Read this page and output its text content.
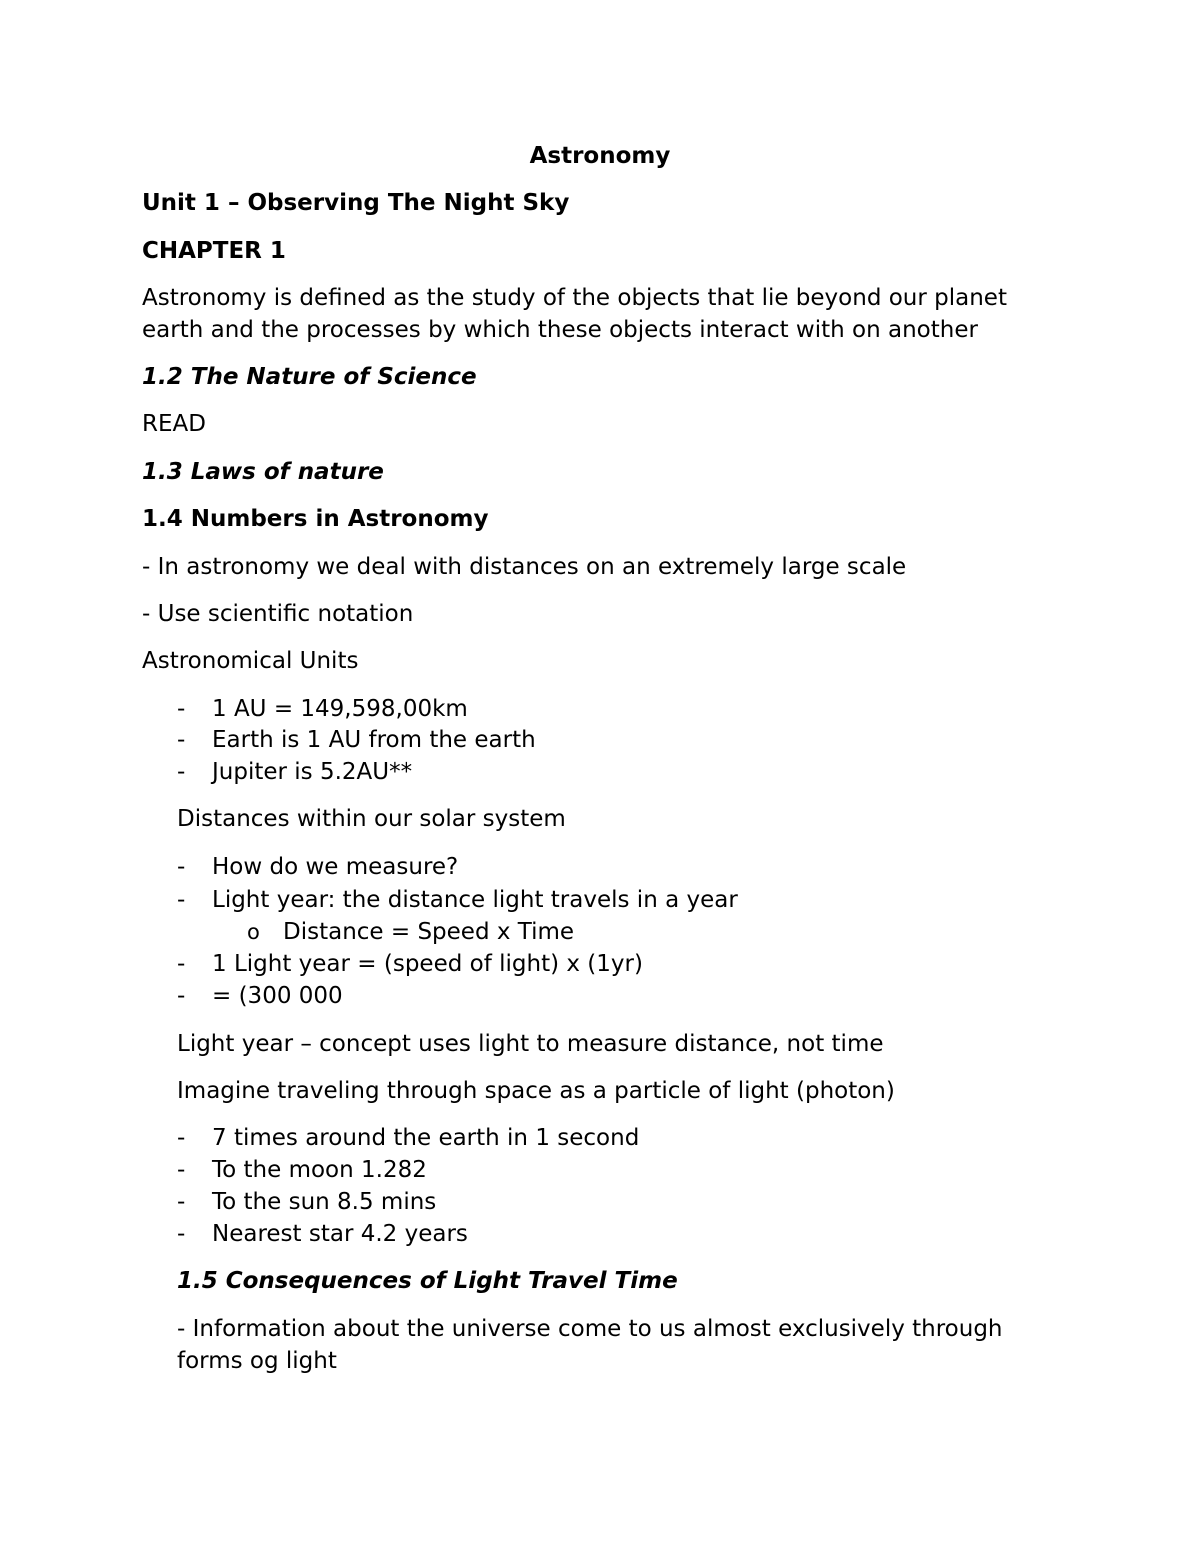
Astronomy
Unit 1 – Observing The Night Sky
CHAPTER 1
Astronomy is defined as the study of the objects that lie beyond our planet
earth and the processes by which these objects interact with on another
1.2 The Nature of Science
READ
1.3 Laws of nature
1.4 Numbers in Astronomy
- In astronomy we deal with distances on an extremely large scale
- Use scientific notation
Astronomical Units
- 1 AU = 149,598,00km
- Earth is 1 AU from the earth
- Jupiter is 5.2AU**
Distances within our solar system
- How do we measure?
- Light year: the distance light travels in a year
o Distance = Speed x Time
- 1 Light year = (speed of light) x (1yr)
- = (300 000
Light year – concept uses light to measure distance, not time
Imagine traveling through space as a particle of light (photon)
- 7 times around the earth in 1 second
- To the moon 1.282
- To the sun 8.5 mins
- Nearest star 4.2 years
1.5 Consequences of Light Travel Time
- Information about the universe come to us almost exclusively through
forms og light
